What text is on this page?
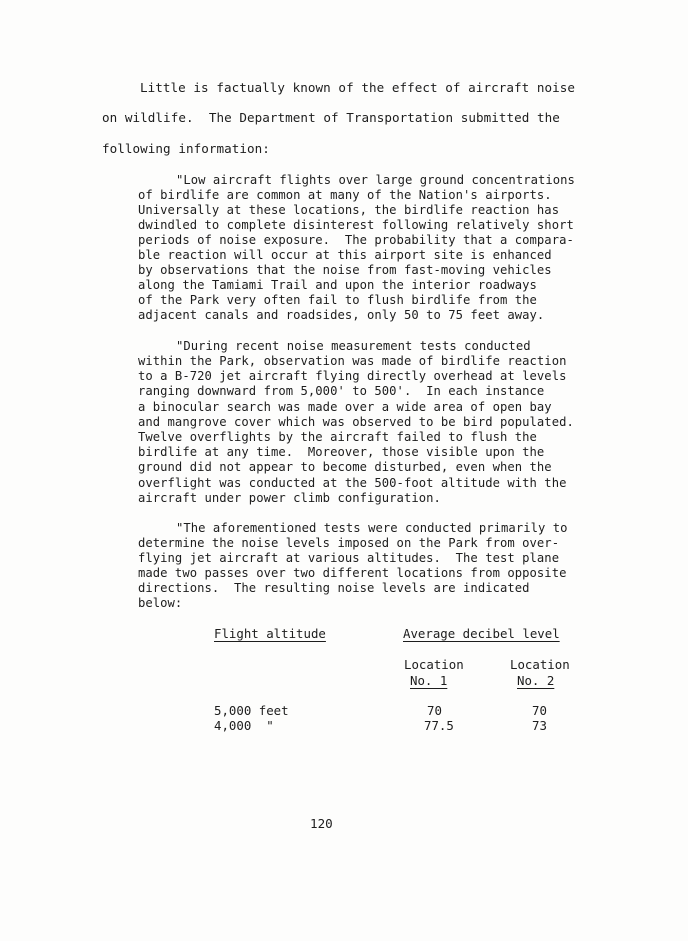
Little is factually known of the effect of aircraft noise
on wildlife.  The Department of Transportation submitted the
following information:
"Low aircraft flights over large ground concentrations
of birdlife are common at many of the Nation's airports.
Universally at these locations, the birdlife reaction has
dwindled to complete disinterest following relatively short
periods of noise exposure.  The probability that a compara-
ble reaction will occur at this airport site is enhanced
by observations that the noise from fast-moving vehicles
along the Tamiami Trail and upon the interior roadways
of the Park very often fail to flush birdlife from the
adjacent canals and roadsides, only 50 to 75 feet away.
"During recent noise measurement tests conducted
within the Park, observation was made of birdlife reaction
to a B-720 jet aircraft flying directly overhead at levels
ranging downward from 5,000' to 500'.  In each instance
a binocular search was made over a wide area of open bay
and mangrove cover which was observed to be bird populated.
Twelve overflights by the aircraft failed to flush the
birdlife at any time.  Moreover, those visible upon the
ground did not appear to become disturbed, even when the
overflight was conducted at the 500-foot altitude with the
aircraft under power climb configuration.
"The aforementioned tests were conducted primarily to
determine the noise levels imposed on the Park from over-
flying jet aircraft at various altitudes.  The test plane
made two passes over two different locations from opposite
directions.  The resulting noise levels are indicated
below:
Flight altitude	Average decibel level
Location
No. 1
Location
No. 2
5,000 feet	70	70
4,000  "	77.5	73
120
